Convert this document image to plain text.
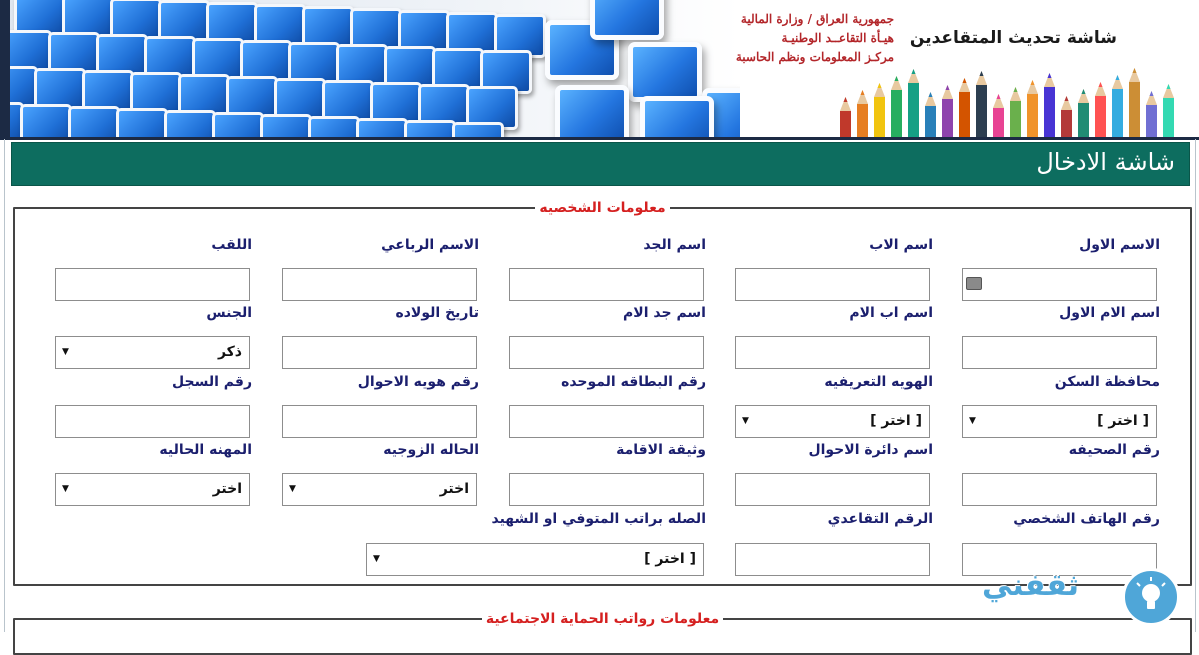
جمهورية العراق / وزارة المالية
هيـأة التقاعــد الوطنيـة
مركـز المعلومات ونظم الحاسبة
شاشة تحديث المتقاعدين
شاشة الادخال
معلومات الشخصيه
الاسم الاول
اسم الاب
اسم الجد
الاسم الرباعي
اللقب
اسم الام الاول
اسم اب الام
اسم جد الام
تاريخ الولاده
الجنس
ذكر
▼
محافظة السكن
الهويه التعريفيه
رقم البطاقه الموحده
رقم هويه الاحوال
رقم السجل
[ اختر ]
▼
[ اختر ]
▼
رقم الصحيفه
اسم دائرة الاحوال
وثيقة الاقامة
الحاله الزوجيه
المهنه الحاليه
اختر
▼
اختر
▼
رقم الهاتف الشخصي
الرقم التقاعدي
الصله براتب المتوفي او الشهيد
[ اختر ]
▼
معلومات رواتب الحماية الاجتماعية
ثقفني
